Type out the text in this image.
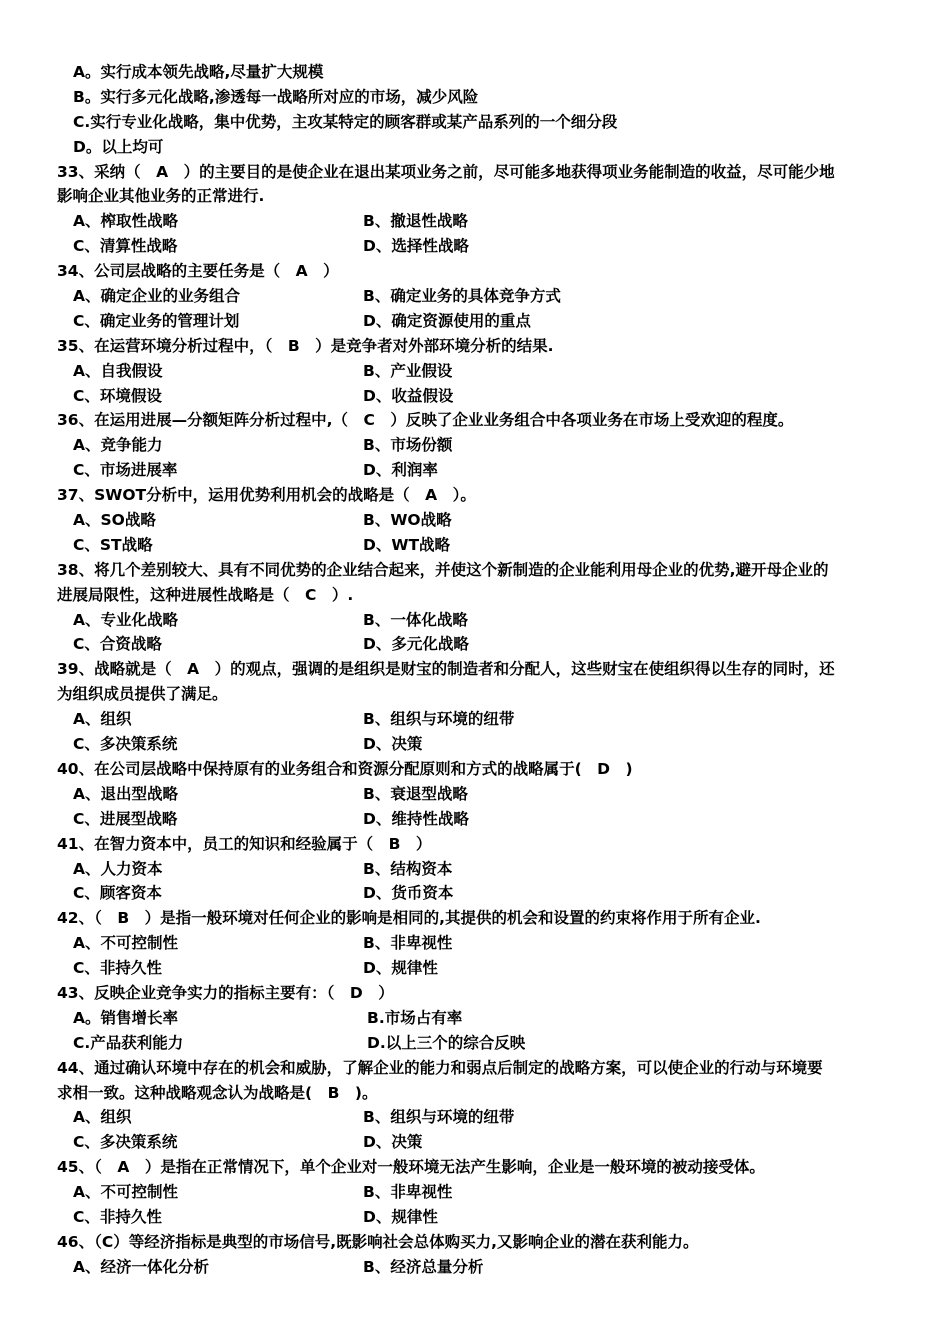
A。实行成本领先战略,尽量扩大规模
B。实行多元化战略,渗透每一战略所对应的市场，减少风险
C.实行专业化战略，集中优势，主攻某特定的顾客群或某产品系列的一个细分段
D。以上均可
33、采纳（　A　）的主要目的是使企业在退出某项业务之前，尽可能多地获得项业务能制造的收益，尽可能少地
影响企业其他业务的正常进行.
A、榨取性战略	B、撤退性战略
C、清算性战略	D、选择性战略
34、公司层战略的主要任务是（　A　）
A、确定企业的业务组合	B、确定业务的具体竞争方式
C、确定业务的管理计划	D、确定资源使用的重点
35、在运营环境分析过程中，（　B　）是竞争者对外部环境分析的结果.
A、自我假设	B、产业假设
C、环境假设	D、收益假设
36、在运用进展—分额矩阵分析过程中,（　C　）反映了企业业务组合中各项业务在市场上受欢迎的程度。
A、竞争能力	B、市场份额
C、市场进展率	D、利润率
37、SWOT分析中，运用优势利用机会的战略是（　A　）。
A、SO战略	B、WO战略
C、ST战略	D、WT战略
38、将几个差别较大、具有不同优势的企业结合起来，并使这个新制造的企业能利用母企业的优势,避开母企业的
进展局限性，这种进展性战略是（　C　）.
A、专业化战略	B、一体化战略
C、合资战略	D、多元化战略
39、战略就是（　A　）的观点，强调的是组织是财宝的制造者和分配人，这些财宝在使组织得以生存的同时，还
为组织成员提供了满足。
A、组织	B、组织与环境的纽带
C、多决策系统	D、决策
40、在公司层战略中保持原有的业务组合和资源分配原则和方式的战略属于(　D　)
A、退出型战略	B、衰退型战略
C、进展型战略	D、维持性战略
41、在智力资本中，员工的知识和经验属于（　B　）
A、人力资本	B、结构资本
C、顾客资本	D、货币资本
42、（　B　）是指一般环境对任何企业的影响是相同的,其提供的机会和设置的约束将作用于所有企业.
A、不可控制性	B、非卑视性
C、非持久性	D、规律性
43、反映企业竞争实力的指标主要有：（　D　）
A。销售增长率	B.市场占有率
C.产品获利能力	D.以上三个的综合反映
44、通过确认环境中存在的机会和威胁，了解企业的能力和弱点后制定的战略方案，可以使企业的行动与环境要
求相一致。这种战略观念认为战略是(　B　)。
A、组织	B、组织与环境的纽带
C、多决策系统	D、决策
45、（　A　）是指在正常情况下，单个企业对一般环境无法产生影响，企业是一般环境的被动接受体。
A、不可控制性	B、非卑视性
C、非持久性	D、规律性
46、（C）等经济指标是典型的市场信号,既影响社会总体购买力,又影响企业的潜在获利能力。
A、经济一体化分析	B、经济总量分析
